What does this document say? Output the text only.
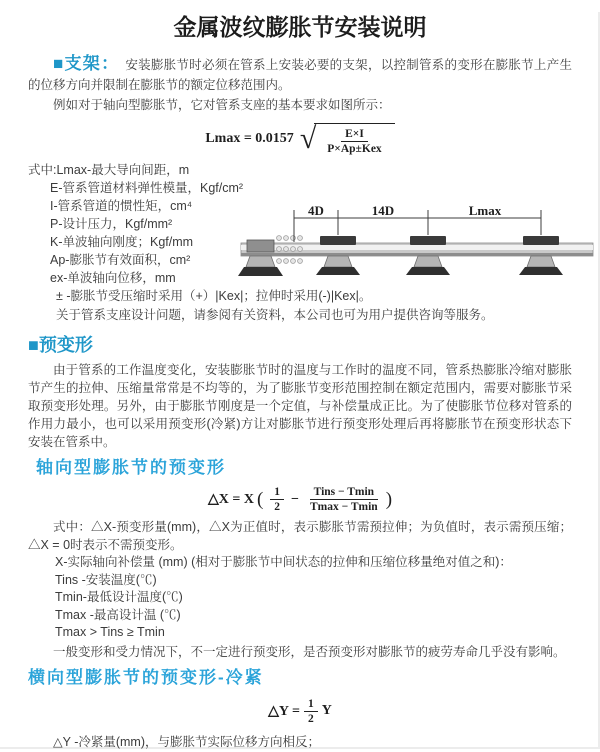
金属波纹膨胀节安装说明

■支架： 安装膨胀节时必须在管系上安装必要的支架，以控制管系的变形在膨胀节上产生的位移方向并限制在膨胀节的额定位移范围内。

例如对于轴向型膨胀节，它对管系支座的基本要求如图所示：

Lmax = 0.0157 √ $\frac{E\times I}{\text{P×Ap±Kex}}$
式中:Lmax-最大导向间距，m
E-管系管道材料弹性模量，Kgf/cm²
I-管系管道的惯性矩，cm⁴
P-设计压力，Kgf/mm²
K-单波轴向刚度；Kgf/mm
Ap-膨胀节有效面积，cm²
ex-单波轴向位移，mm
± -膨胀节受压缩时采用（+）|Kex|；拉伸时采用(-)|Kex|。
关于管系支座设计问题，请参阅有关资料，本公司也可为用户提供咨询等服务。
4D	14D	Lmax
■预变形

由于管系的工作温度变化，安装膨胀节时的温度与工作时的温度不同，管系热膨胀冷缩对膨胀节产生的拉伸、压缩量常常是不均等的，为了膨胀节变形范围控制在额定范围内，需要对膨胀节采取预变形处理。另外，由于膨胀节刚度是一个定值，与补偿量成正比。为了使膨胀节位移对管系的作用力最小，也可以采用预变形(冷紧)方让对膨胀节进行预变形处理后再将膨胀节在预变形状态下安装在管系中。

轴向型膨胀节的预变形
△X = X ( $\frac{1}{2} - \frac{\text{Tins − Tmin}}{Tmax - Tmin}$ )

式中：△X-预变形量(mm)，△X为正值时，表示膨胀节需预拉伸；为负值时，表示需预压缩；△X = 0时表示不需预变形。

X-实际轴向补偿量 (mm) (相对于膨胀节中间状态的拉伸和压缩位移量绝对值之和)：
Tins -安装温度(℃)
Tmin-最低设计温度(℃)
Tmax -最高设计温 (℃)
Tmax > Tins ≥ Tmin

一般变形和受力情况下，不一定进行预变形，是否预变形对膨胀节的疲劳寿命几乎没有影响。

横向型膨胀节的预变形-冷紧
△Y = $\frac{1}{2}$ Y

△Y -冷紧量(mm)，与膨胀节实际位移方向相反；
